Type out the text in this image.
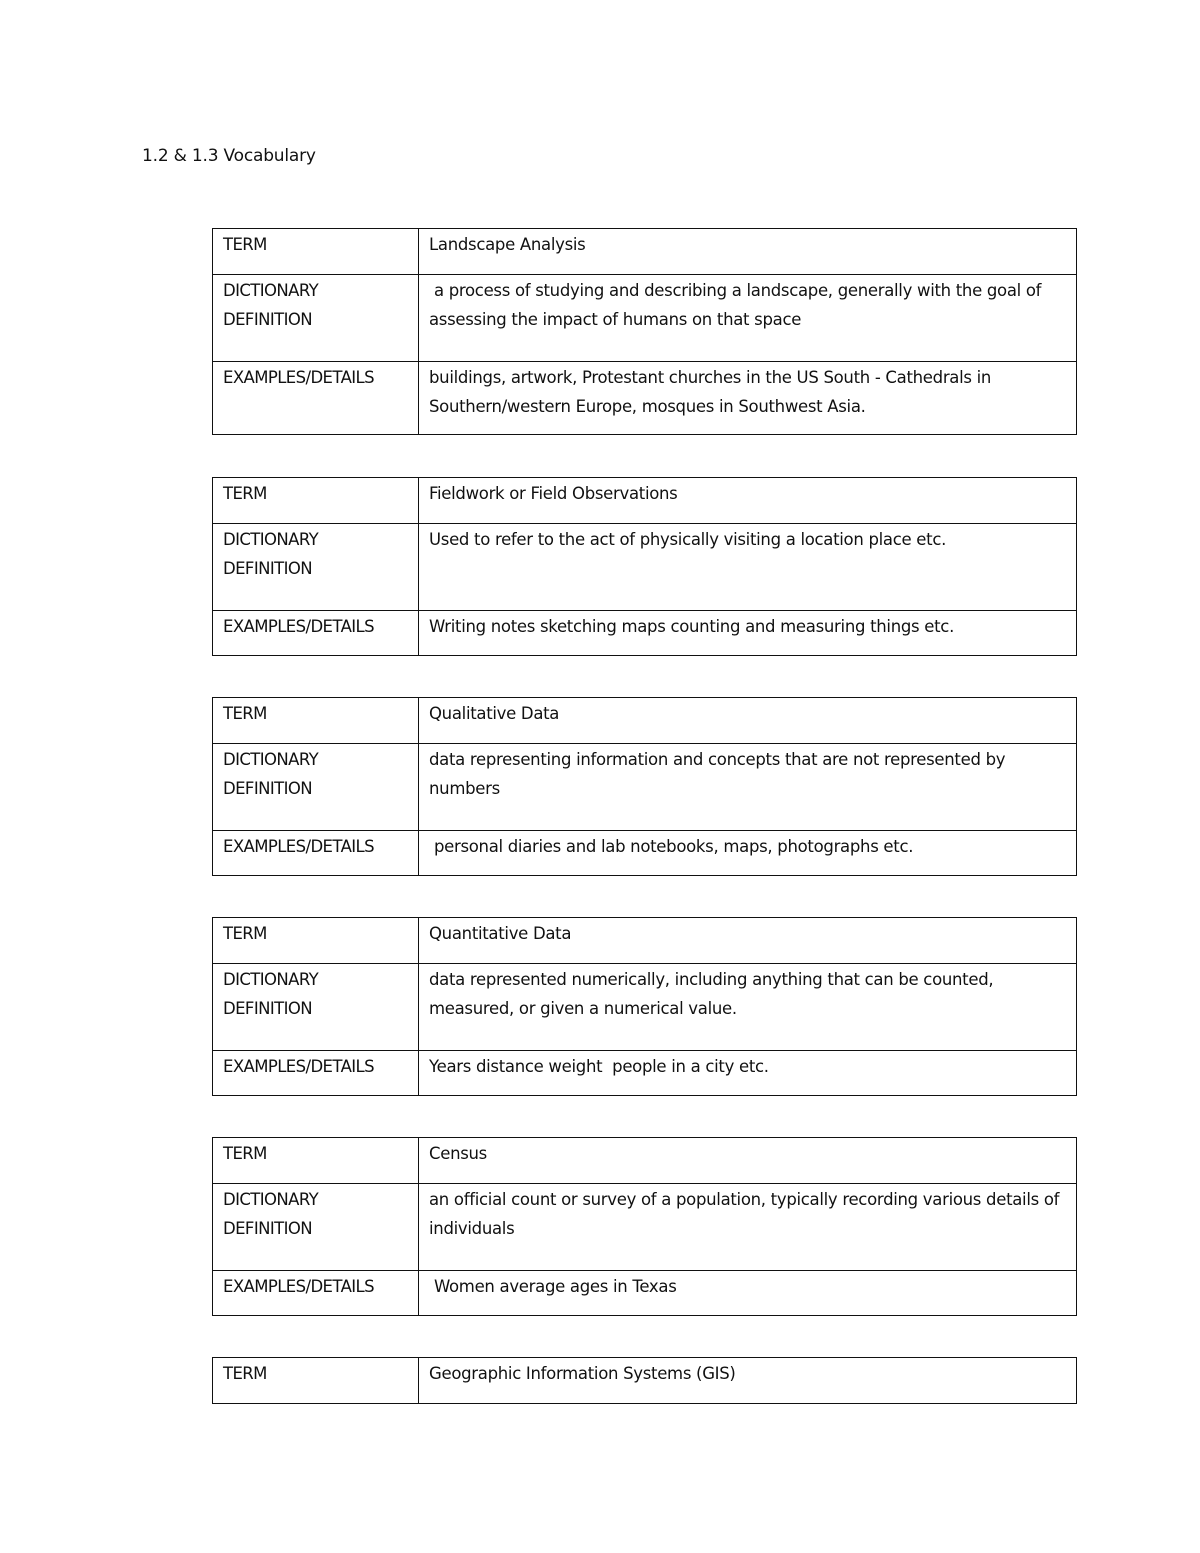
1.2 & 1.3 Vocabulary
TERM	Landscape Analysis
DICTIONARY
DEFINITION	a process of studying and describing a landscape, generally with the goal of assessing the impact of humans on that space
EXAMPLES/DETAILS	buildings, artwork, Protestant churches in the US South - Cathedrals in Southern/western Europe, mosques in Southwest Asia.
TERM	Fieldwork or Field Observations
DICTIONARY
DEFINITION	Used to refer to the act of physically visiting a location place etc.
EXAMPLES/DETAILS	Writing notes sketching maps counting and measuring things etc.
TERM	Qualitative Data
DICTIONARY
DEFINITION	data representing information and concepts that are not represented by numbers
EXAMPLES/DETAILS	personal diaries and lab notebooks, maps, photographs etc.
TERM	Quantitative Data
DICTIONARY
DEFINITION	data represented numerically, including anything that can be counted, measured, or given a numerical value.
EXAMPLES/DETAILS	Years distance weight  people in a city etc.
TERM	Census
DICTIONARY
DEFINITION	an official count or survey of a population, typically recording various details of individuals
EXAMPLES/DETAILS	Women average ages in Texas
TERM	Geographic Information Systems (GIS)
